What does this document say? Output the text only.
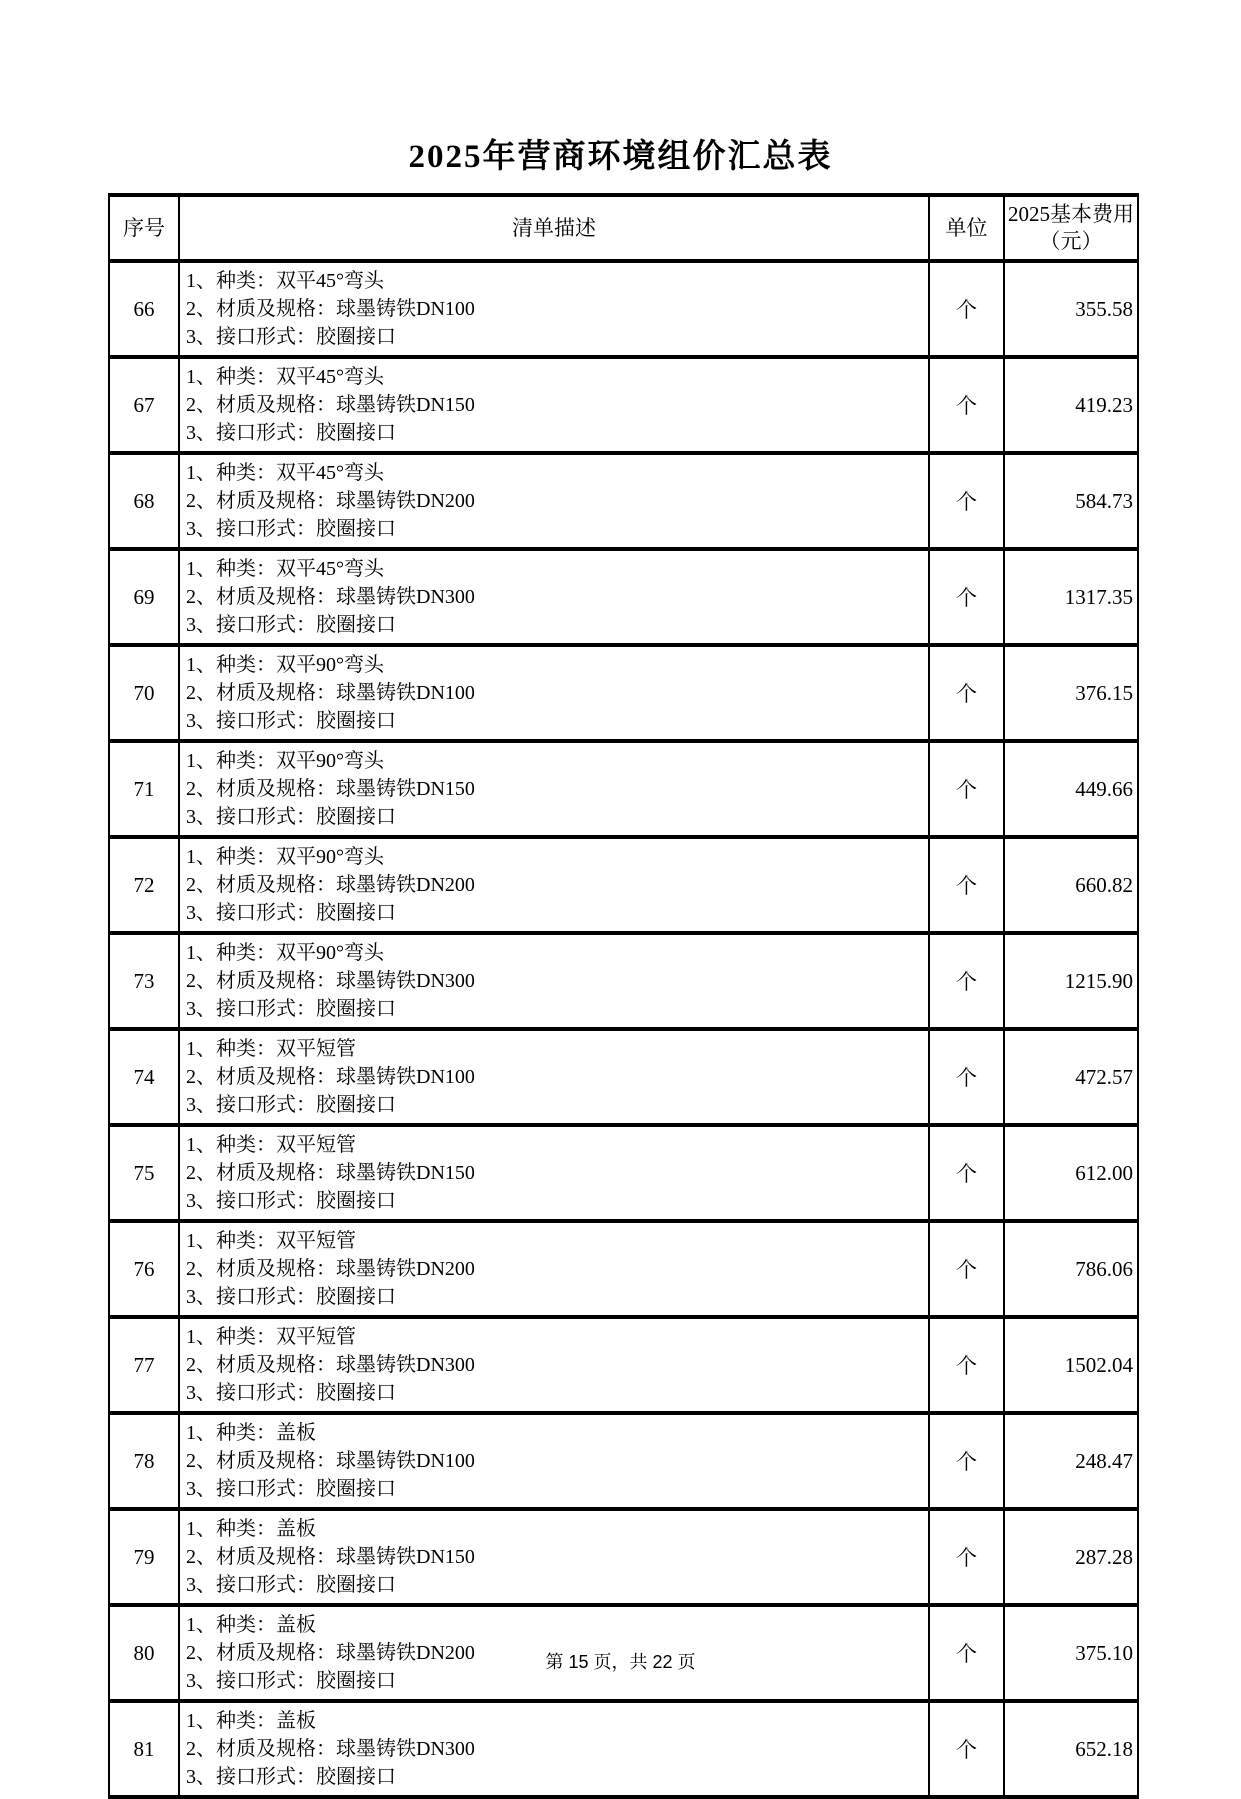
2025年营商环境组价汇总表
序号	清单描述	单位	2025基本费用（元）
66	1、种类：双平45°弯头
2、材质及规格：球墨铸铁DN100
3、接口形式：胶圈接口	个	355.58
67	1、种类：双平45°弯头
2、材质及规格：球墨铸铁DN150
3、接口形式：胶圈接口	个	419.23
68	1、种类：双平45°弯头
2、材质及规格：球墨铸铁DN200
3、接口形式：胶圈接口	个	584.73
69	1、种类：双平45°弯头
2、材质及规格：球墨铸铁DN300
3、接口形式：胶圈接口	个	1317.35
70	1、种类：双平90°弯头
2、材质及规格：球墨铸铁DN100
3、接口形式：胶圈接口	个	376.15
71	1、种类：双平90°弯头
2、材质及规格：球墨铸铁DN150
3、接口形式：胶圈接口	个	449.66
72	1、种类：双平90°弯头
2、材质及规格：球墨铸铁DN200
3、接口形式：胶圈接口	个	660.82
73	1、种类：双平90°弯头
2、材质及规格：球墨铸铁DN300
3、接口形式：胶圈接口	个	1215.90
74	1、种类：双平短管
2、材质及规格：球墨铸铁DN100
3、接口形式：胶圈接口	个	472.57
75	1、种类：双平短管
2、材质及规格：球墨铸铁DN150
3、接口形式：胶圈接口	个	612.00
76	1、种类：双平短管
2、材质及规格：球墨铸铁DN200
3、接口形式：胶圈接口	个	786.06
77	1、种类：双平短管
2、材质及规格：球墨铸铁DN300
3、接口形式：胶圈接口	个	1502.04
78	1、种类：盖板
2、材质及规格：球墨铸铁DN100
3、接口形式：胶圈接口	个	248.47
79	1、种类：盖板
2、材质及规格：球墨铸铁DN150
3、接口形式：胶圈接口	个	287.28
80	1、种类：盖板
2、材质及规格：球墨铸铁DN200
3、接口形式：胶圈接口	个	375.10
81	1、种类：盖板
2、材质及规格：球墨铸铁DN300
3、接口形式：胶圈接口	个	652.18
第 15 页，共 22 页
